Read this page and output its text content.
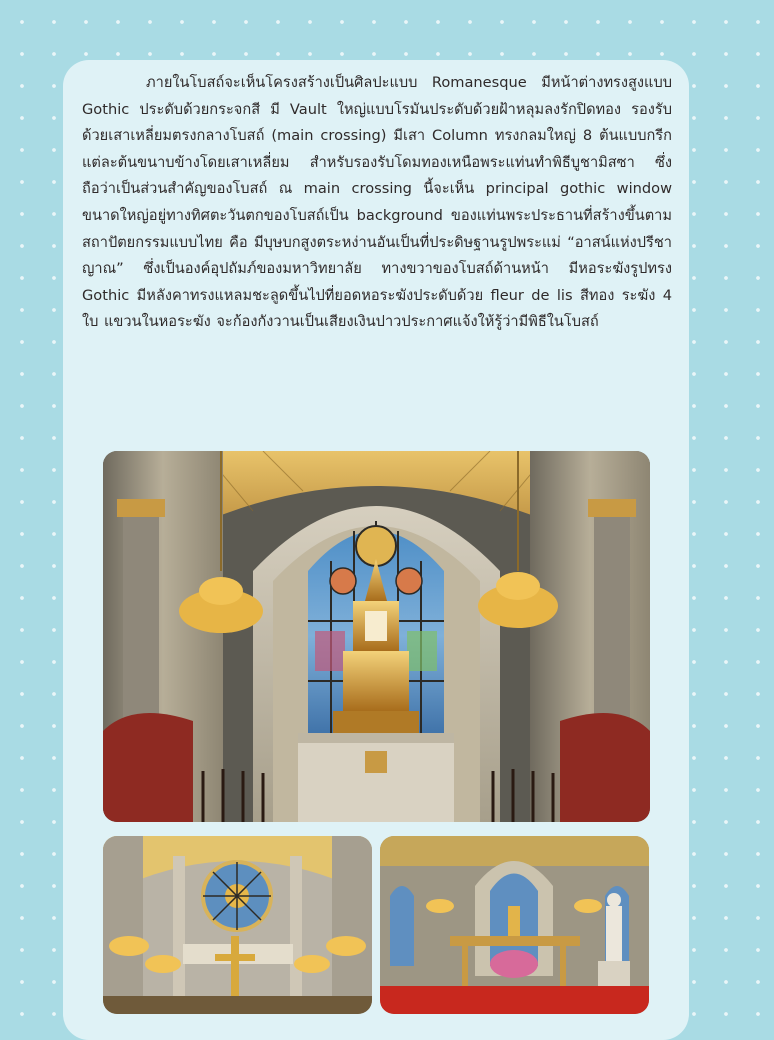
ภายในโบสถ์จะเห็นโครงสร้างเป็นศิลปะแบบ Romanesque มีหน้าต่างทรงสูงแบบ Gothic ประดับด้วยกระจกสี มี Vault ใหญ่แบบโรมันประดับด้วยฝ้าหลุมลงรักปิดทอง รองรับด้วยเสาเหลี่ยมตรงกลางโบสถ์ (main crossing) มีเสา Column ทรงกลมใหญ่ 8 ต้นแบบกรีก แต่ละต้นขนาบข้างโดยเสาเหลี่ยม สำหรับรองรับโดมทองเหนือพระแท่นทำพิธีบูชามิสซา ซึ่งถือว่าเป็นส่วนสำคัญของโบสถ์ ณ main crossing นี้จะเห็น principal gothic window ขนาดใหญ่อยู่ทางทิศตะวันตกของโบสถ์เป็น background ของแท่นพระประธานที่สร้างขึ้นตามสถาปัตยกรรมแบบไทย คือ มีบุษบกสูงตระหง่านอันเป็นที่ประดิษฐานรูปพระแม่ “อาสน์แห่งปรีชาญาณ” ซึ่งเป็นองค์อุปถัมภ์ของมหาวิทยาลัย ทางขวาของโบสถ์ด้านหน้า มีหอระฆังรูปทรง Gothic มีหลังคาทรงแหลมชะลูดขึ้นไปที่ยอดหอระฆังประดับด้วย fleur de lis สีทอง ระฆัง 4 ใบ แขวนในหอระฆัง จะก้องกังวานเป็นเสียงเงินปาวประกาศแจ้งให้รู้ว่ามีพิธีในโบสถ์
